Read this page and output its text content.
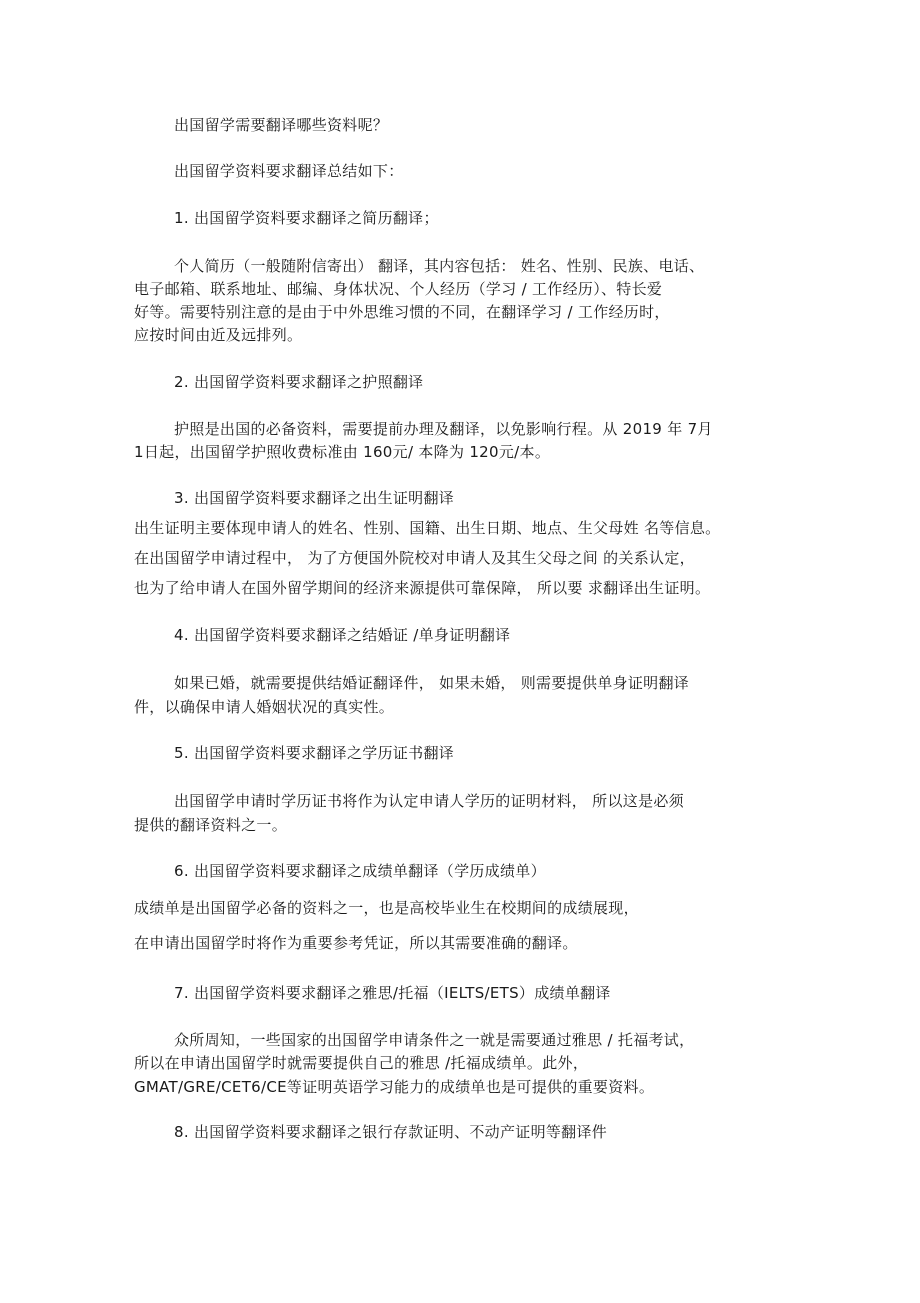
出国留学需要翻译哪些资料呢？
出国留学资料要求翻译总结如下：
1. 出国留学资料要求翻译之简历翻译；
个人简历（一般随附信寄出） 翻译，其内容包括： 姓名、性别、民族、电话、
电子邮箱、联系地址、邮编、身体状况、个人经历（学习 / 工作经历）、特长爱
好等。需要特别注意的是由于中外思维习惯的不同，在翻译学习 / 工作经历时，
应按时间由近及远排列。
2. 出国留学资料要求翻译之护照翻译
护照是出国的必备资料，需要提前办理及翻译，以免影响行程。从 2019 年 7月
1日起，出国留学护照收费标准由 160元/ 本降为 120元/本。
3. 出国留学资料要求翻译之出生证明翻译
出生证明主要体现申请人的姓名、性别、国籍、出生日期、地点、生父母姓 名等信息。
在出国留学申请过程中， 为了方便国外院校对申请人及其生父母之间 的关系认定，
也为了给申请人在国外留学期间的经济来源提供可靠保障， 所以要 求翻译出生证明。
4. 出国留学资料要求翻译之结婚证 /单身证明翻译
如果已婚，就需要提供结婚证翻译件， 如果未婚， 则需要提供单身证明翻译
件，以确保申请人婚姻状况的真实性。
5. 出国留学资料要求翻译之学历证书翻译
出国留学申请时学历证书将作为认定申请人学历的证明材料， 所以这是必须
提供的翻译资料之一。
6. 出国留学资料要求翻译之成绩单翻译（学历成绩单）
成绩单是出国留学必备的资料之一，也是高校毕业生在校期间的成绩展现，
在申请出国留学时将作为重要参考凭证，所以其需要准确的翻译。
7. 出国留学资料要求翻译之雅思/托福（IELTS/ETS）成绩单翻译
众所周知，一些国家的出国留学申请条件之一就是需要通过雅思 / 托福考试，
所以在申请出国留学时就需要提供自己的雅思 /托福成绩单。此外，
GMAT/GRE/CET6/CE等证明英语学习能力的成绩单也是可提供的重要资料。
8. 出国留学资料要求翻译之银行存款证明、不动产证明等翻译件
